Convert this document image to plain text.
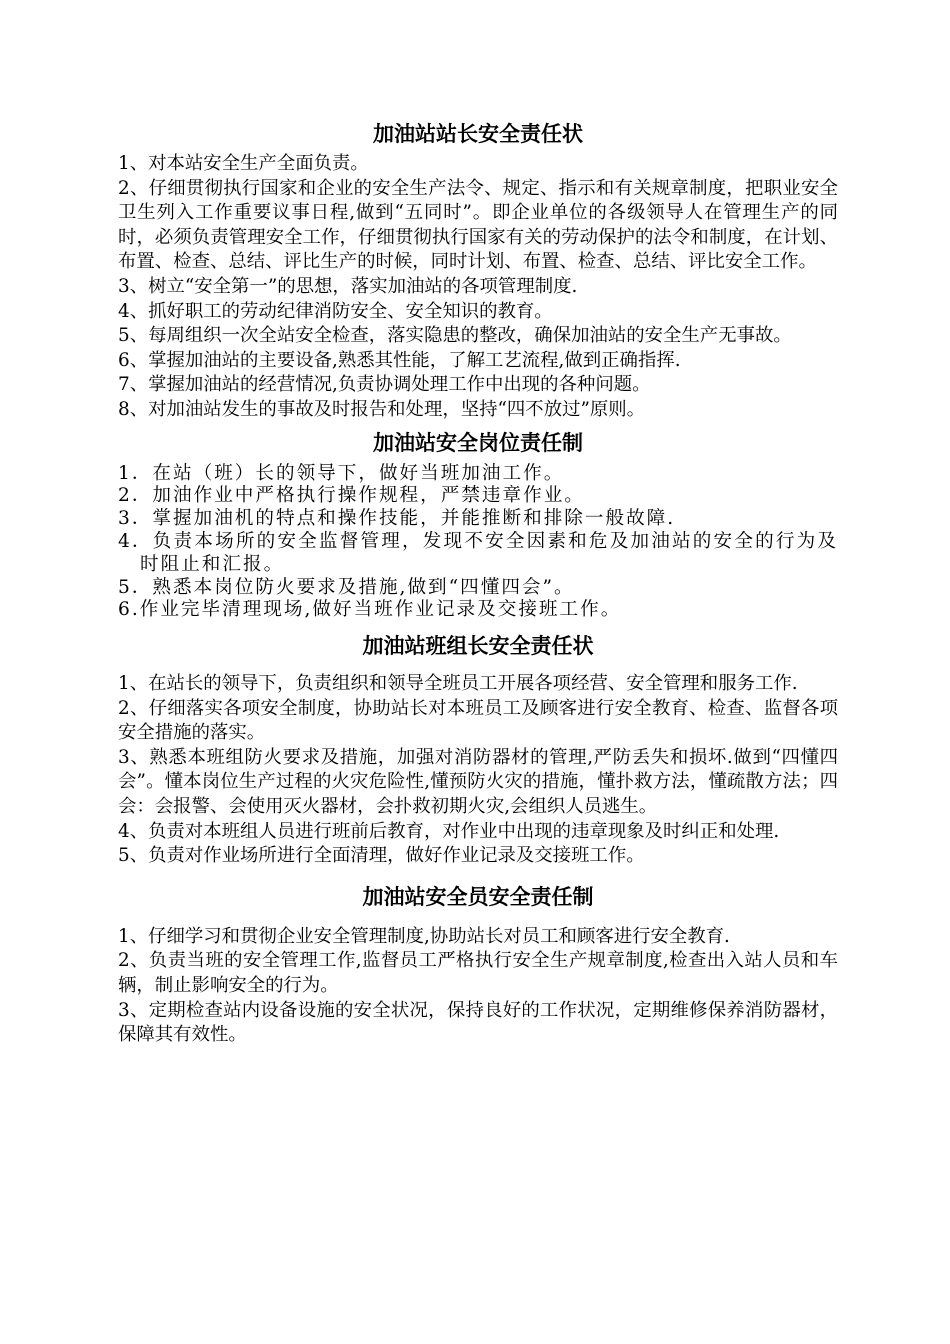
加油站站长安全责任状

1、对本站安全生产全面负责。

2、仔细贯彻执行国家和企业的安全生产法令、规定、指示和有关规章制度，把职业安全卫生列入工作重要议事日程,做到“五同时”。即企业单位的各级领导人在管理生产的同时，必须负责管理安全工作，仔细贯彻执行国家有关的劳动保护的法令和制度，在计划、布置、检查、总结、评比生产的时候，同时计划、布置、检查、总结、评比安全工作。

3、树立“安全第一”的思想，落实加油站的各项管理制度.

4、抓好职工的劳动纪律消防安全、安全知识的教育。

5、每周组织一次全站安全检查，落实隐患的整改，确保加油站的安全生产无事故。

6、掌握加油站的主要设备,熟悉其性能，了解工艺流程,做到正确指挥.

7、掌握加油站的经营情况,负责协调处理工作中出现的各种问题。

8、对加油站发生的事故及时报告和处理，坚持“四不放过”原则。

加油站安全岗位责任制

1．在站（班）长的领导下，做好当班加油工作。

2．加油作业中严格执行操作规程，严禁违章作业。

3．掌握加油机的特点和操作技能，并能推断和排除一般故障.

4．负责本场所的安全监督管理，发现不安全因素和危及加油站的安全的行为及时阻止和汇报。

5．熟悉本岗位防火要求及措施,做到“四懂四会”。

6.作业完毕清理现场,做好当班作业记录及交接班工作。

加油站班组长安全责任状

1、在站长的领导下，负责组织和领导全班员工开展各项经营、安全管理和服务工作.

2、仔细落实各项安全制度，协助站长对本班员工及顾客进行安全教育、检查、监督各项安全措施的落实。

3、熟悉本班组防火要求及措施，加强对消防器材的管理,严防丢失和损坏.做到“四懂四会”。懂本岗位生产过程的火灾危险性,懂预防火灾的措施，懂扑救方法，懂疏散方法；四会：会报警、会使用灭火器材，会扑救初期火灾,会组织人员逃生。

4、负责对本班组人员进行班前后教育，对作业中出现的违章现象及时纠正和处理.

5、负责对作业场所进行全面清理，做好作业记录及交接班工作。

加油站安全员安全责任制

1、仔细学习和贯彻企业安全管理制度,协助站长对员工和顾客进行安全教育.

2、负责当班的安全管理工作,监督员工严格执行安全生产规章制度,检查出入站人员和车辆，制止影响安全的行为。

3、定期检查站内设备设施的安全状况，保持良好的工作状况，定期维修保养消防器材，保障其有效性。
